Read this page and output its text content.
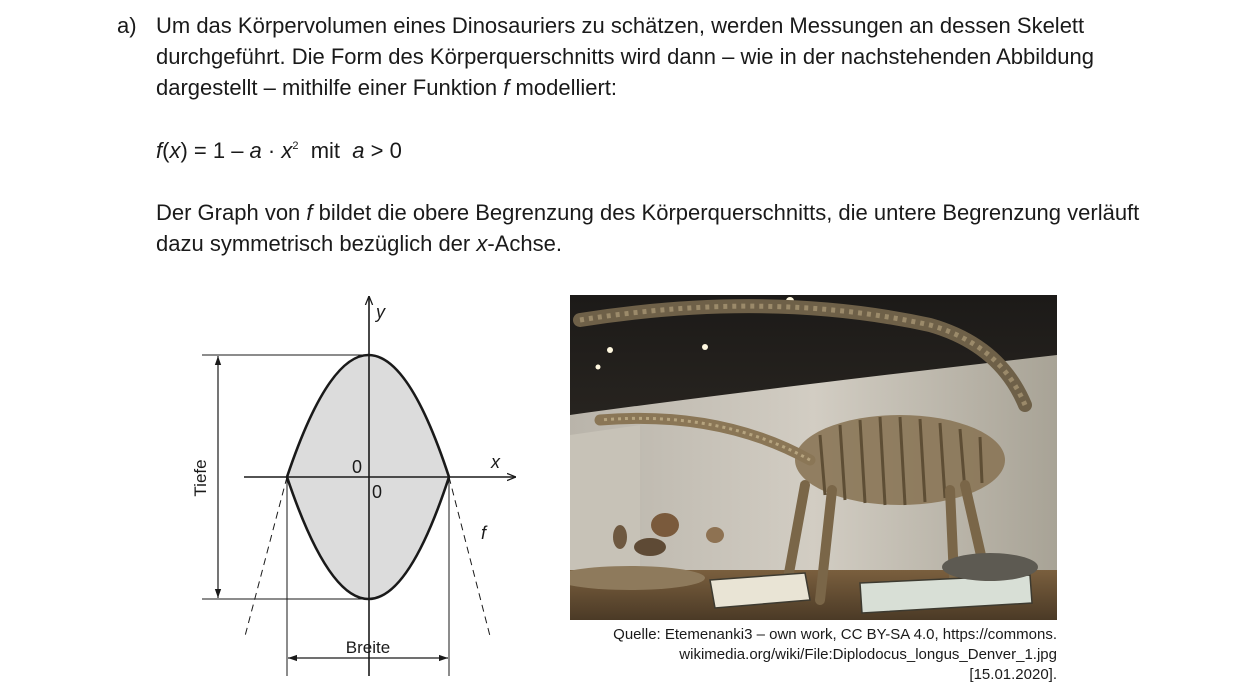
a) Um das Körpervolumen eines Dinosauriers zu schätzen, werden Messungen an dessen Skelett durchgeführt. Die Form des Körperquerschnitts wird dann – wie in der nachstehenden Abbildung dargestellt – mithilfe einer Funktion f modelliert:

$f(x) = 1 - a \cdot x^2$  mit  a > 0

Der Graph von f bildet die obere Begrenzung des Körperquerschnitts, die untere Begrenzung verläuft dazu symmetrisch bezüglich der x-Achse.

y
x
0
0
f
Tiefe
Breite
Quelle: Etemenanki3 – own work, CC BY-SA 4.0, https://commons.
wikimedia.org/wiki/File:Diplodocus_longus_Denver_1.jpg
[15.01.2020].
